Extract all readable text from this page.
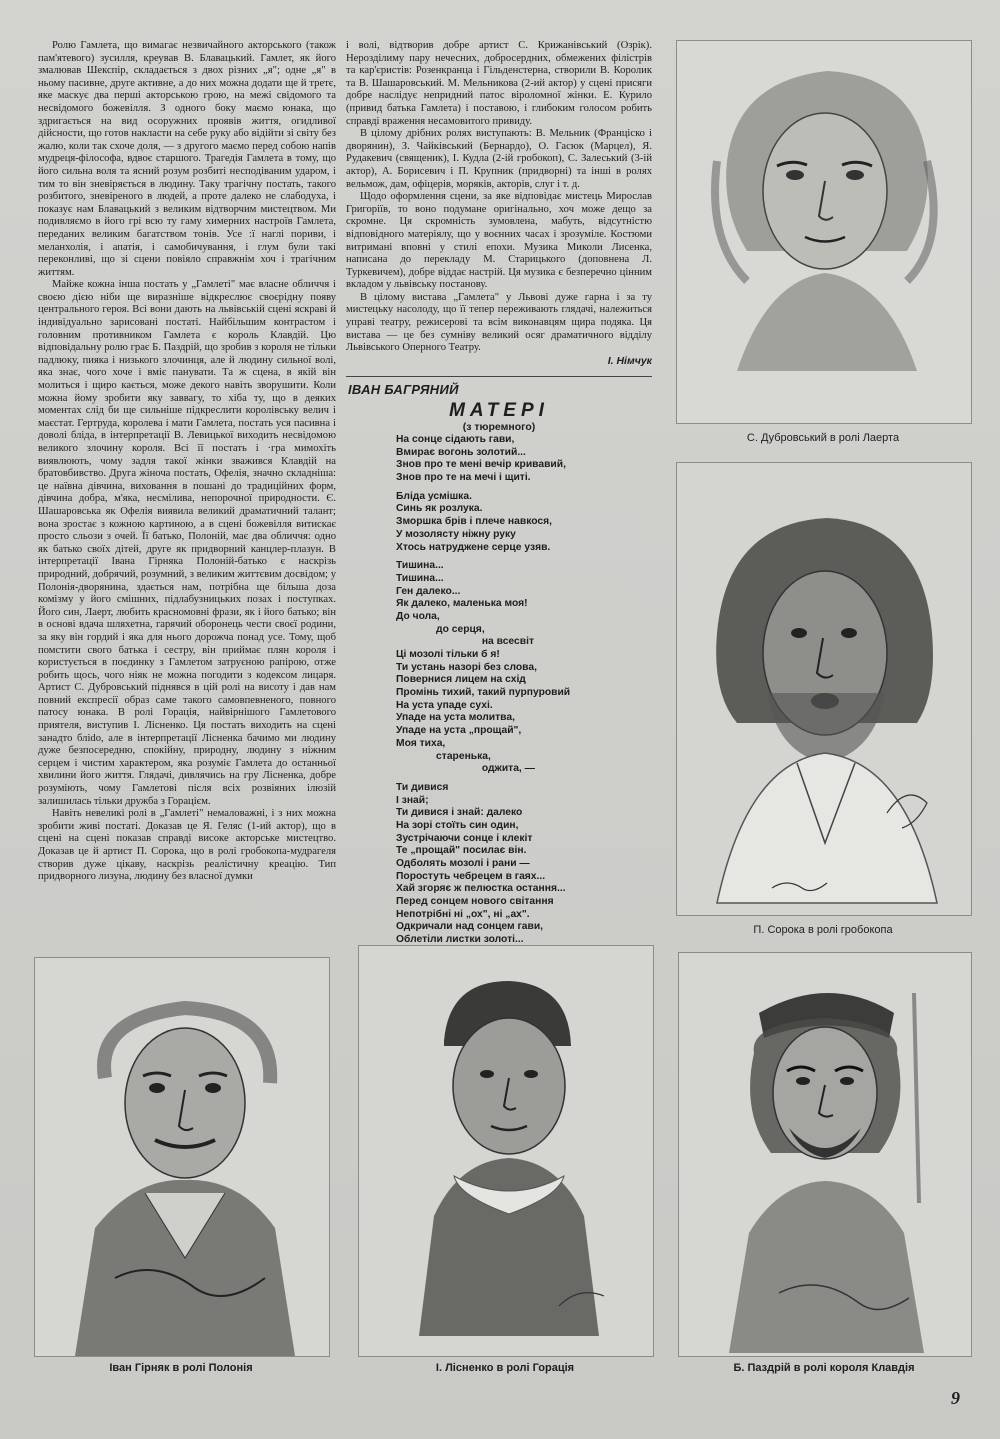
Ролю Гамлета, що вимагає незвичайного акторського (також пам'ятевого) зусилля, креував В. Блавацький. Гамлет, як його змалював Шекспір, складається з двох різних „я"; одне „я" в ньому пасивне, друге активне, а до них можна додати ще й третє, яке маскує два перші акторською грою, на межі свідомого та несвідомого божевілля. З одного боку маємо юнака, що здригається на вид осоружних проявів життя, огидливої дійсности, що готов накласти на себе руку або відійти зі світу без жалю, коли так схоче доля, — з другого маємо перед собою напів мудреця-філософа, вдвоє старшого. Трагедія Гамлета в тому, що його сильна воля та ясний розум розбиті несподіваним ударом, і тим то він зневіряється в людину. Таку трагічну постать, такого розбитого, зневіреного в людей, а проте далеко не слабодуха, і показує нам Блавацький з великим відтворчим мистецтвом. Ми подивляємо в його грі всю ту гаму химерних настроїв Гамлета, переданих великим багатством тонів. Усе :ї наглі пориви, і меланхолія, і апатія, і самобичування, і глум були такі переконливі, що зі сцени повіяло справжнім хоч і трагічним життям.

Майже кожна інша постать у „Гамлеті" має власне обличчя і своєю дією ніби ще виразніше відкреслює своєрідну появу центрального героя. Всі вони дають на львівській сцені яскраві й індивідуально зарисовані постаті. Найбільшим контрастом і головним противником Гамлета є король Клавдій. Цю відповідальну ролю грає Б. Паздрій, що зробив з короля не тільки падлюку, пияка і низького злочинця, але й людину сильної волі, яка знає, чого хоче і вміє панувати. Та ж сцена, в якій він молиться і щиро кається, може декого навіть зворушити. Коли можна йому зробити яку заввагу, то хіба ту, що в деяких моментах слід би ще сильніше підкреслити королівську велич і маєстат. Гертруда, королева і мати Гамлета, постать уся пасивна і доволі бліда, в інтерпретації В. Левицької виходить несвідомою великого злочину короля. Всі її постать і ·гра мимохіть виявлюють, чому задля такої жінки зважився Клавдій на братовбивство. Друга жіноча постать, Офелія, значно складніша: це наївна дівчина, виховання в пошані до традиційних форм, дівчина добра, м'яка, несмілива, непорочної природности. Є. Шашаровська як Офелія виявила великий драматичний талант; вона зростає з кожною картиною, а в сцені божевілля витискає просто сльози з очей. Її батько, Полоній, має два обличчя: одно як батько своїх дітей, друге як придворний канцлер-плазун. В інтерпретації Івана Гірняка Полоній-батько є наскрізь природний, добрячий, розумний, з великим життєвим досвідом; у Полонія-дворянина, здається нам, потрібна ще більша доза комізму у його смішних, підлабузницьких позах і поступках. Його син, Лаерт, любить красномовні фрази, як і його батько; він в основі вдача шляхетна, гарячий оборонець чести своєї родини, за яку він гордий і яка для нього дорожча понад усе. Тому, щоб помстити свого батька і сестру, він приймає плян короля і користується в поєдинку з Гамлетом затруєною рапірою, отже робить щось, чого ніяк не можна погодити з кодексом лицаря. Артист С. Дубровський піднявся в цій ролі на висоту і дав нам повний експресії образ саме такого самовпевненого, повного патосу юнака. В ролі Горація, найвірнішого Гамлетового приятеля, виступив І. Лісненко. Ця постать виходить на сцені занадто бліdo, але в інтерпретації Лісненка бачимо ми людину дуже безпосередню, спокійну, природну, людину з ніжним серцем і чистим характером, яка розуміє Гамлета до останньої хвилини його життя. Глядачі, дивлячись на гру Лісненка, добре розуміють, чому Гамлетові після всіх розвіяних ілюзій залишилась тільки дружба з Горацієм.

Навіть невеликі ролі в „Гамлеті" немаловажні, і з них можна зробити живі постаті. Доказав це Я. Геляс (1-ий актор), що в сцені на сцені показав справді високе акторське мистецтво. Доказав це й артист П. Сорока, що в ролі гробокопа-мудрагеля створив дуже цікаву, наскрізь реалістичну креацію. Тип придворного лизуна, людину без власної думки

і волі, відтворив добре артист С. Крижанівський (Озрік). Нерозділиму пару нечесних, добросердних, обмежених філістрів та кар'єристів: Розенкранца і Гільденстерна, створили В. Королик та В. Шашаровський. М. Мельникова (2-ий актор) у сцені присяги добре наслідує непридний патос віроломної жінки. Е. Курило (привид батька Гамлета) і поставою, і глибоким голосом робить справді враження несамовитого привиду.

В цілому дрібних ролях виступають: В. Мельник (Франціско і дворянин), З. Чайківський (Бернардо), О. Гасюк (Марцел), Я. Рудакевич (священик), І. Кудла (2-ій гробокоп), С. Залеський (3-ій актор), А. Борисевич і П. Крупник (придворні) та інші в ролях вельмож, дам, офіцерів, моряків, акторів, слуг і т. д.

Щодо оформлення сцени, за яке відповідає мистець Мирослав Григоріїв, то воно подумане оригінально, хоч може дещо за скромне. Ця скромність зумовлена, мабуть, відсутністю відповідного матеріялу, що у воєнних часах і зрозуміле. Костюми витримані вповні у стилі епохи. Музика Миколи Лисенка, написана до перекладу М. Старицького (доповнена Л. Туркевичем), добре віддає настрій. Ця музика є безперечно цінним вкладом у львівську постанову.

В цілому вистава „Гамлета" у Львові дуже гарна і за ту мистецьку насолоду, що її тепер переживають глядачі, належиться управі театру, режисерові та всім виконавцям щира подяка. Ця вистава — це без сумніву великий осяг драматичного відділу Львівського Оперного Театру.

І. Німчук
ІВАН БАГРЯНИЙ
МАТЕРІ
(з тюремного)
На сонце сідають гави,
Вмирає вогонь золотий...
Знов про те мені вечір кривавий,
Знов про те на мечі і щиті.
Бліда усмішка.
Синь як розлука.
Зморшка брів і плече навкося,
У мозолясту ніжну руку
Хтось натруджене серце узяв.
Тишина...
Тишина...
Ген далеко...
Як далеко, маленька моя!
До чола,
до серця,
на всесвіт
Ці мозолі тільки б я!
Ти устань назорі без слова,
Повернися лицем на схід
Промінь тихий, такий пурпуровий
На уста упаде сухі.
Упаде на уста молитва,
Упаде на уста „прощай",
Моя тиха,
старенька,
оджита, —
Ти дивися
І знай;
Ти дивися і знай: далеко
На зорі стоїть син один,
Зустрічаючи сонце і клекіт
Те „прощай" посилає він.
Одболять мозолі і рани —
Поростуть чебрецем в гаях...
Хай згоряє ж пелюстка остання...
Перед сонцем нового світання
Непотрібні ні „ох", ні „ах".
Одкричали над сонцем гави,
Облетіли листки золоті...
С. Дубровський в ролі Лаерта
П. Сорока в ролі гробокопа
Іван Гірняк в ролі Полонія	І. Лісненко в ролі Горація	Б. Паздрій в ролі короля Клавдія
9
